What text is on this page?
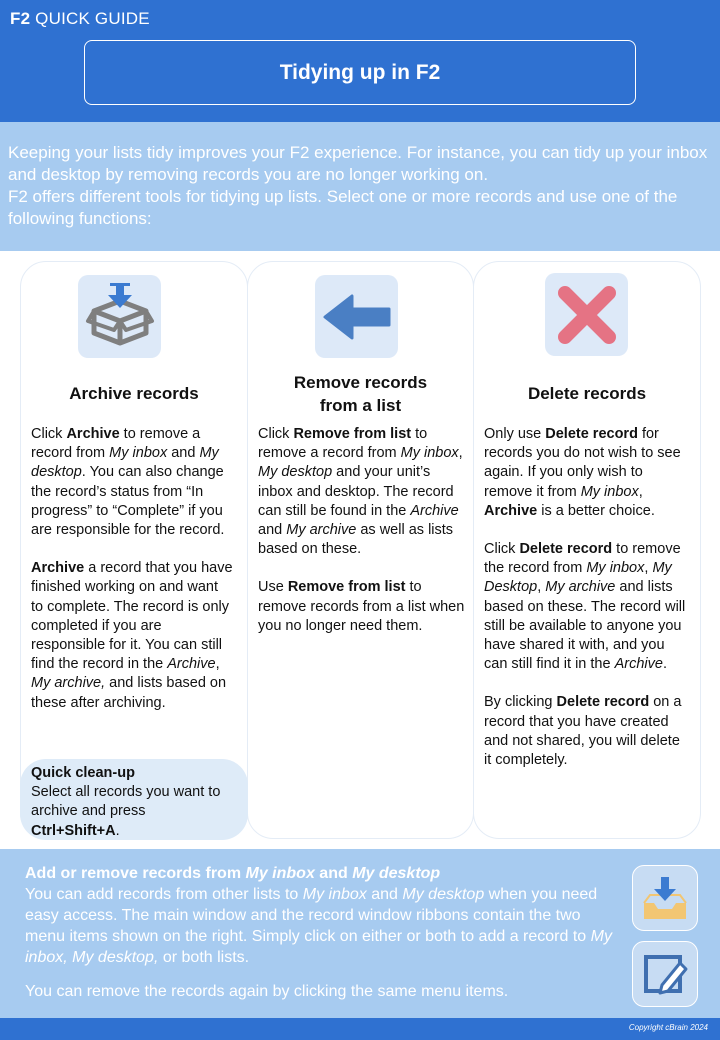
F2 QUICK GUIDE
Tidying up in F2

Keeping your lists tidy improves your F2 experience. For instance, you can tidy up your inbox and desktop by removing records you are no longer working on.

F2 offers different tools for tidying up lists. Select one or more records and use one of the following functions:

Archive records

Click Archive to remove a record from My inbox and My desktop. You can also change the record’s status from “In progress” to “Complete” if you are responsible for the record.

Archive a record that you have finished working on and want to complete. The record is only completed if you are responsible for it. You can still find the record in the Archive, My archive, and lists based on these after archiving.

Remove records from a list

Click Remove from list to remove a record from My inbox, My desktop and your unit’s inbox and desktop. The record can still be found in the Archive and My archive as well as lists based on these.

Use Remove from list to remove records from a list when you no longer need them.

Delete records

Only use Delete record for records you do not wish to see again. If you only wish to remove it from My inbox, Archive is a better choice.

Click Delete record to remove the record from My inbox, My Desktop, My archive and lists based on these. The record will still be available to anyone you have shared it with, and you can still find it in the Archive.

By clicking Delete record on a record that you have created and not shared, you will delete it completely.

Quick clean-up
Select all records you want to archive and press Ctrl+Shift+A.
Add or remove records from My inbox and My desktop
You can add records from other lists to My inbox and My desktop when you need easy access. The main window and the record window ribbons contain the two menu items shown on the right. Simply click on either or both to add a record to My inbox, My desktop, or both lists.
You can remove the records again by clicking the same menu items.
Copyright cBrain 2024
